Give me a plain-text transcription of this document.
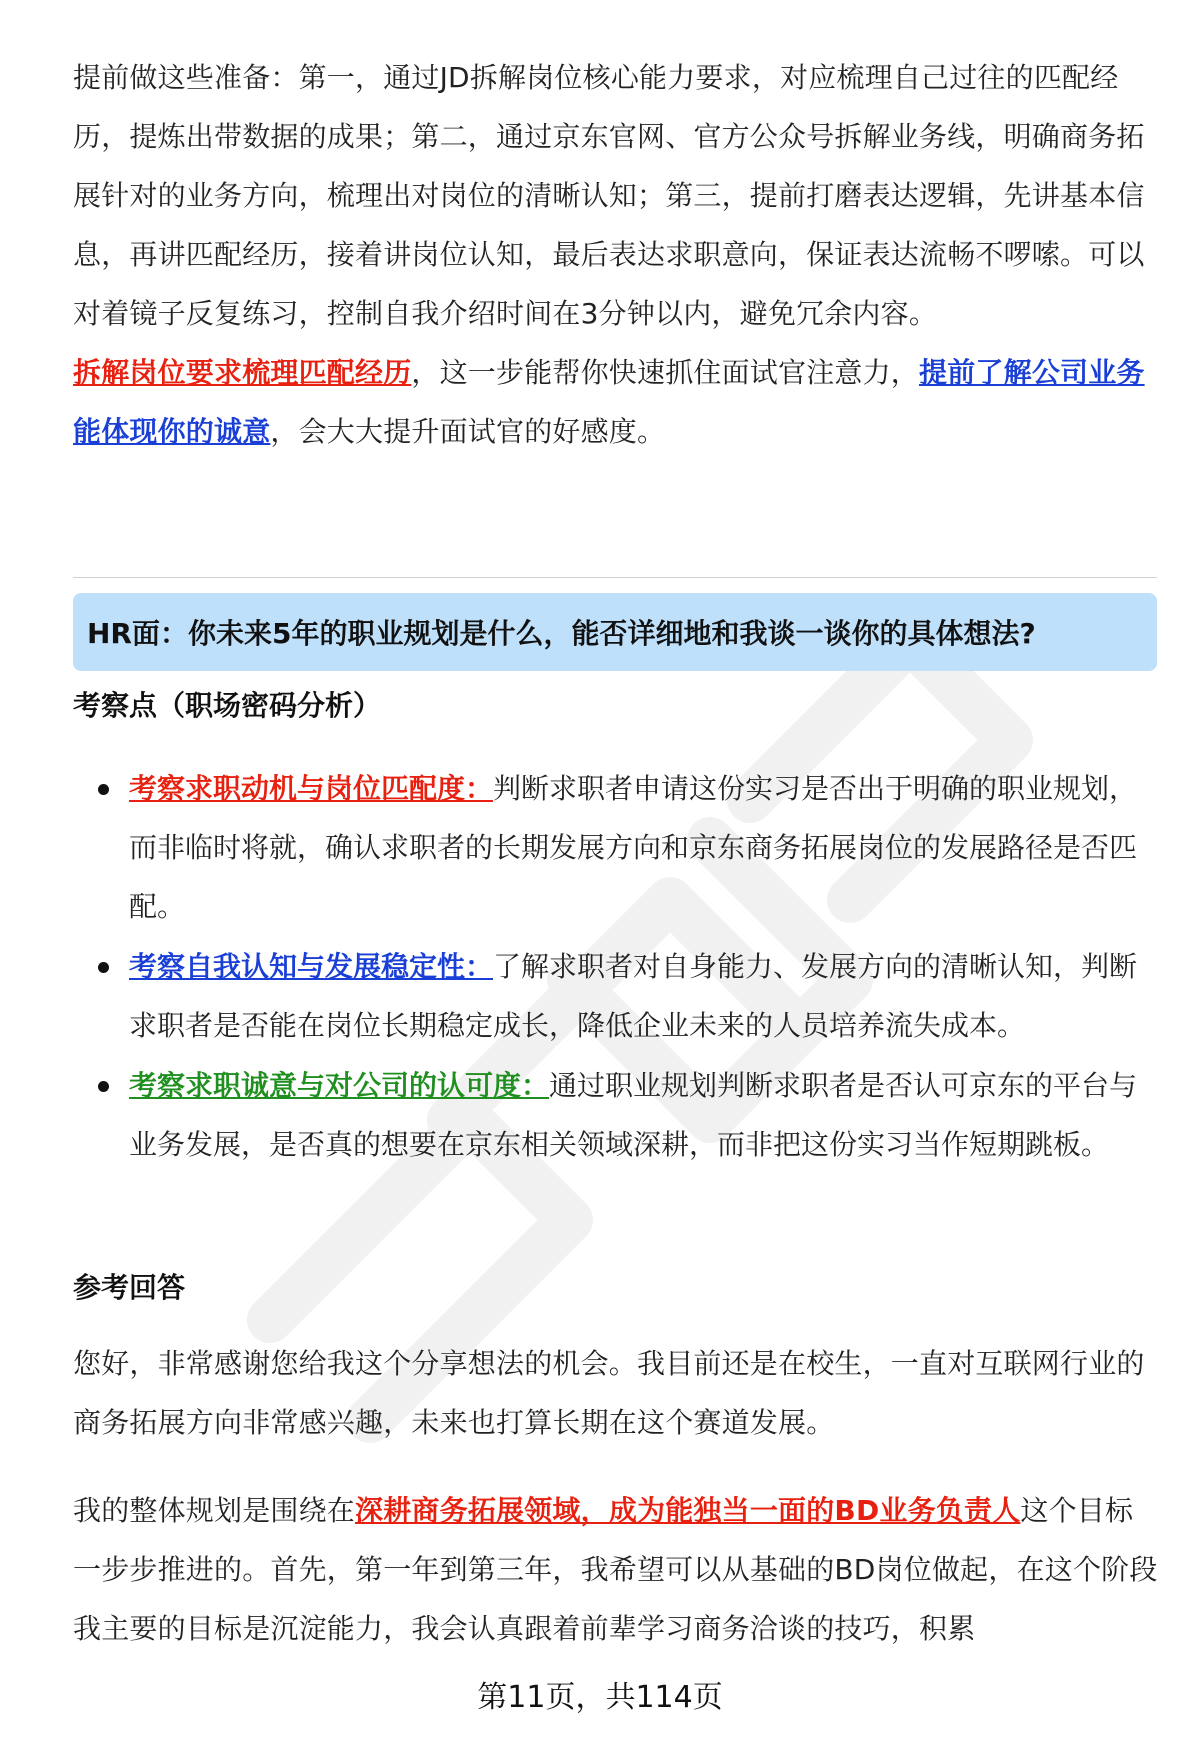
提前做这些准备：第一，通过JD拆解岗位核心能力要求，对应梳理自己过往的匹配经历，提炼出带数据的成果；第二，通过京东官网、官方公众号拆解业务线，明确商务拓展针对的业务方向，梳理出对岗位的清晰认知；第三，提前打磨表达逻辑，先讲基本信息，再讲匹配经历，接着讲岗位认知，最后表达求职意向，保证表达流畅不啰嗦。可以对着镜子反复练习，控制自我介绍时间在3分钟以内，避免冗余内容。

拆解岗位要求梳理匹配经历，这一步能帮你快速抓住面试官注意力，提前了解公司业务能体现你的诚意，会大大提升面试官的好感度。

HR面：你未来5年的职业规划是什么，能否详细地和我谈一谈你的具体想法?

考察点（职场密码分析）

考察求职动机与岗位匹配度：判断求职者申请这份实习是否出于明确的职业规划，而非临时将就，确认求职者的长期发展方向和京东商务拓展岗位的发展路径是否匹配。
考察自我认知与发展稳定性：了解求职者对自身能力、发展方向的清晰认知，判断求职者是否能在岗位长期稳定成长，降低企业未来的人员培养流失成本。
考察求职诚意与对公司的认可度：通过职业规划判断求职者是否认可京东的平台与业务发展，是否真的想要在京东相关领域深耕，而非把这份实习当作短期跳板。

参考回答

您好，非常感谢您给我这个分享想法的机会。我目前还是在校生，一直对互联网行业的商务拓展方向非常感兴趣，未来也打算长期在这个赛道发展。

我的整体规划是围绕在深耕商务拓展领域，成为能独当一面的BD业务负责人这个目标一步步推进的。首先，第一年到第三年，我希望可以从基础的BD岗位做起，在这个阶段我主要的目标是沉淀能力，我会认真跟着前辈学习商务洽谈的技巧，积累

第11页，共114页
